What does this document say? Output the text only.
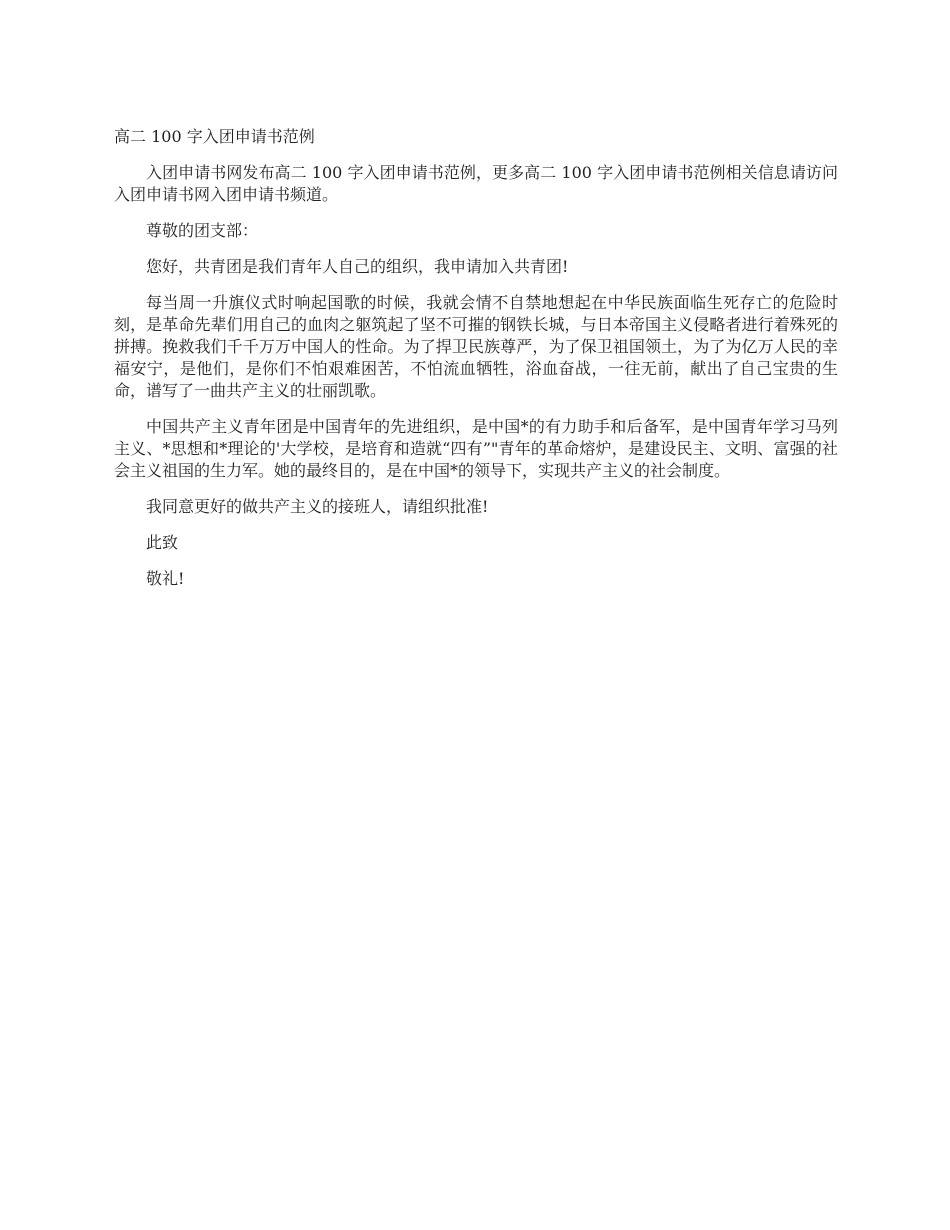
高二 100 字入团申请书范例

入团申请书网发布高二 100 字入团申请书范例，更多高二 100 字入团申请书范例相关信息请访问入团申请书网入团申请书频道。

尊敬的团支部：

您好，共青团是我们青年人自己的组织，我申请加入共青团!

每当周一升旗仪式时响起国歌的时候，我就会情不自禁地想起在中华民族面临生死存亡的危险时刻，是革命先辈们用自己的血肉之躯筑起了坚不可摧的钢铁长城，与日本帝国主义侵略者进行着殊死的拼搏。挽救我们千千万万中国人的性命。为了捍卫民族尊严，为了保卫祖国领土，为了为亿万人民的幸福安宁，是他们，是你们不怕艰难困苦，不怕流血牺牲，浴血奋战，一往无前，献出了自己宝贵的生命，谱写了一曲共产主义的壮丽凯歌。

中国共产主义青年团是中国青年的先进组织，是中国*的有力助手和后备军，是中国青年学习马列主义、*思想和*理论的'大学校，是培育和造就“四有”"青年的革命熔炉，是建设民主、文明、富强的社会主义祖国的生力军。她的最终目的，是在中国*的领导下，实现共产主义的社会制度。

我同意更好的做共产主义的接班人，请组织批准!

此致

敬礼!
